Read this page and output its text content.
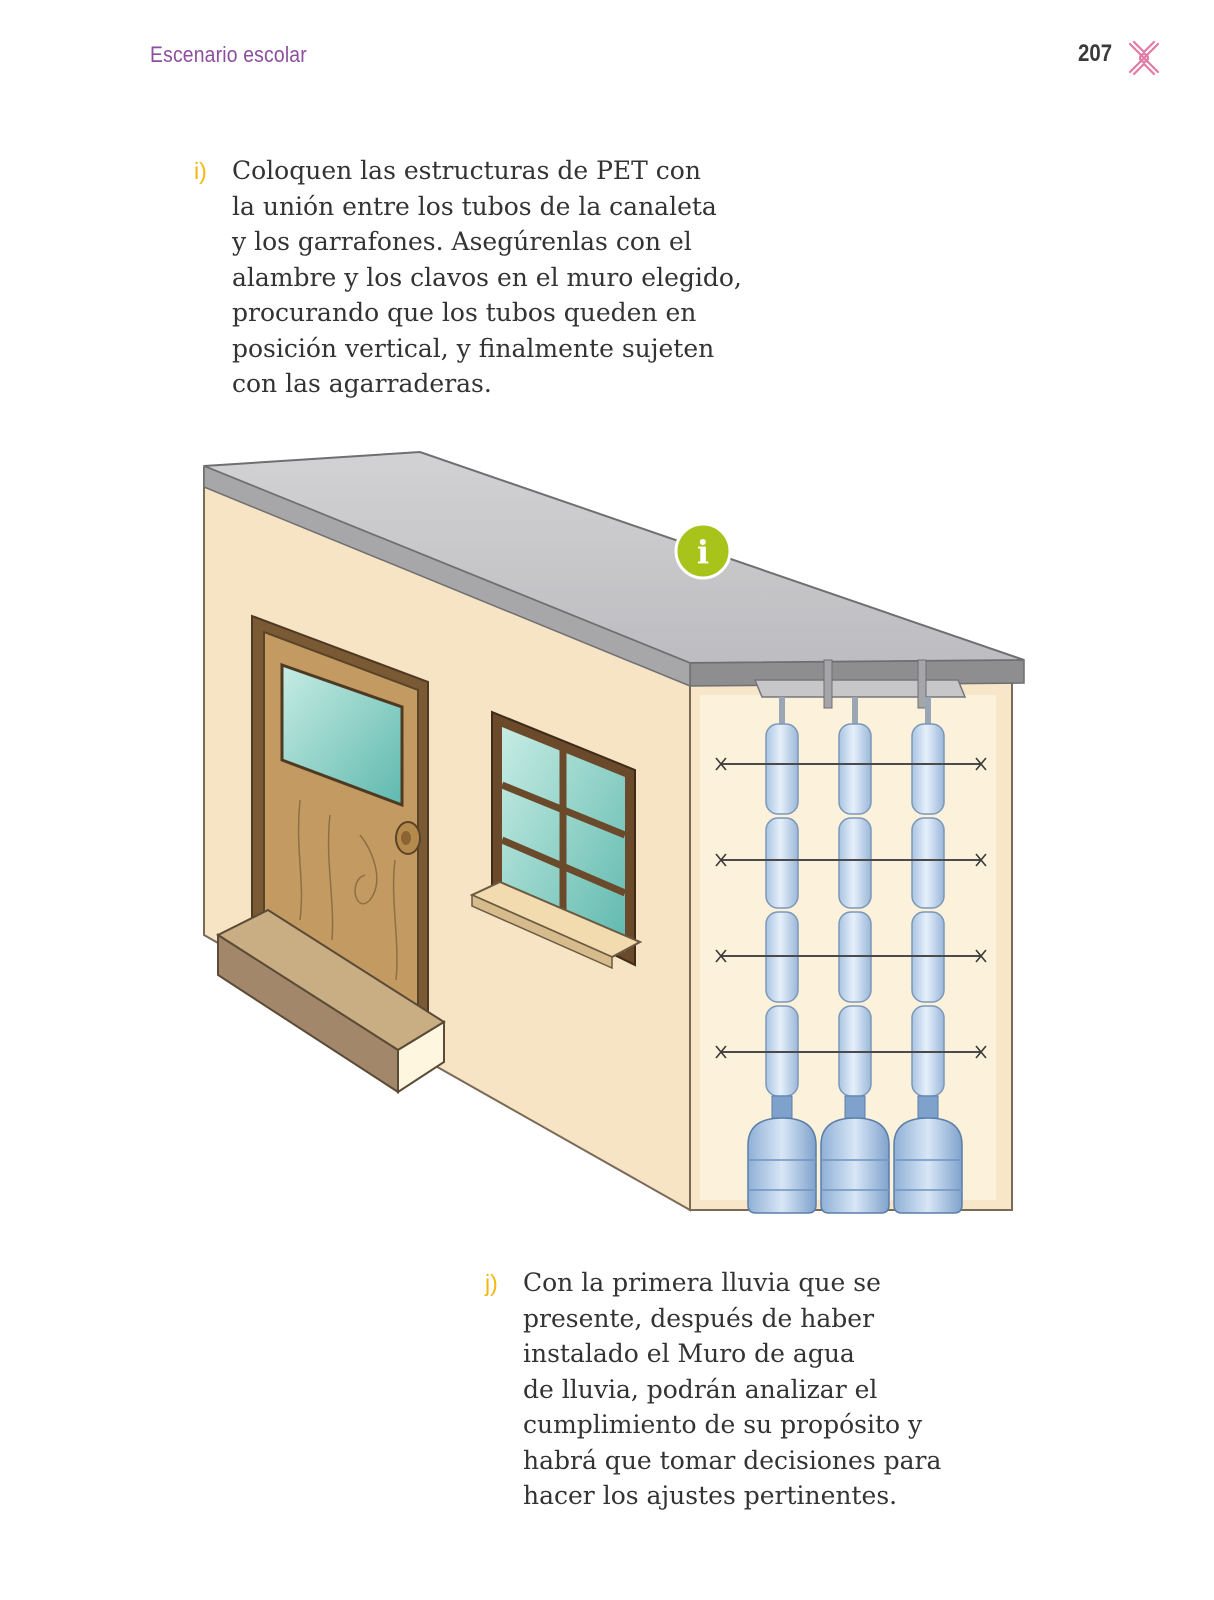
Escenario escolar	207
i) Coloquen las estructuras de PET con

la unión entre los tubos de la canaleta

y los garrafones. Asegúrenlas con el

alambre y los clavos en el muro elegido,

procurando que los tubos queden en

posición vertical, y finalmente sujeten

con las agarraderas.

i
j) Con la primera lluvia que se

presente, después de haber

instalado el Muro de agua

de lluvia, podrán analizar el

cumplimiento de su propósito y

habrá que tomar decisiones para

hacer los ajustes pertinentes.
